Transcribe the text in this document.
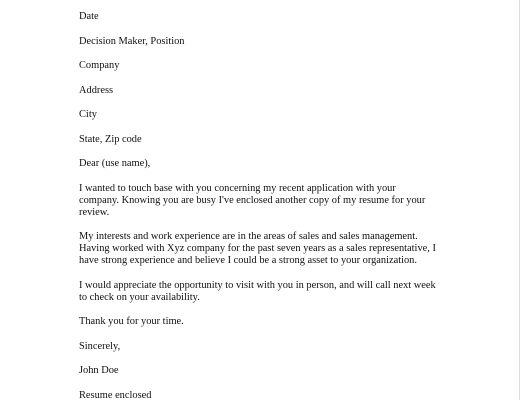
Date
Decision Maker, Position
Company
Address
City
State, Zip code
Dear (use name),
I wanted to touch base with you concerning my recent application with your
company. Knowing you are busy I've enclosed another copy of my resume for your
review.
My interests and work experience are in the areas of sales and sales management.
Having worked with Xyz company for the past seven years as a sales representative, I
have strong experience and believe I could be a strong asset to your organization.
I would appreciate the opportunity to visit with you in person, and will call next week
to check on your availability.
Thank you for your time.
Sincerely,
John Doe
Resume enclosed
